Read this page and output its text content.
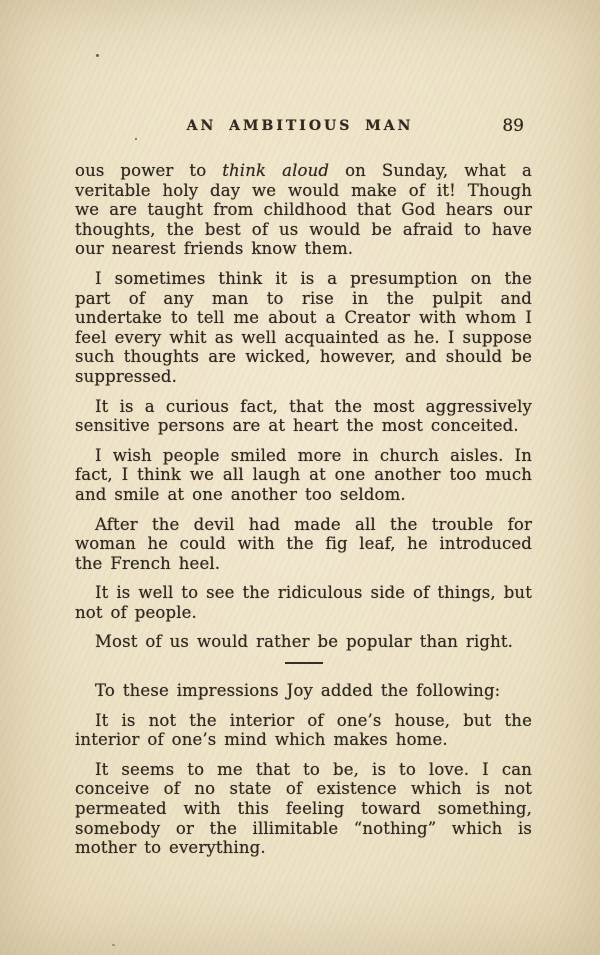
AN AMBITIOUS MAN	89

ous power to think aloud on Sunday, what a veritable holy day we would make of it! Though we are taught from childhood that God hears our thoughts, the best of us would be afraid to have our nearest friends know them.

I sometimes think it is a presumption on the part of any man to rise in the pulpit and undertake to tell me about a Creator with whom I feel every whit as well acquainted as he. I suppose such thoughts are wicked, however, and should be suppressed.

It is a curious fact, that the most aggressively sensitive persons are at heart the most conceited.

I wish people smiled more in church aisles. In fact, I think we all laugh at one another too much and smile at one another too seldom.

After the devil had made all the trouble for woman he could with the fig leaf, he introduced the French heel.

It is well to see the ridiculous side of things, but not of people.

Most of us would rather be popular than right.

To these impressions Joy added the following:

It is not the interior of one’s house, but the interior of one’s mind which makes home.

It seems to me that to be, is to love. I can conceive of no state of existence which is not permeated with this feeling toward something, somebody or the illimitable “nothing” which is mother to everything.
